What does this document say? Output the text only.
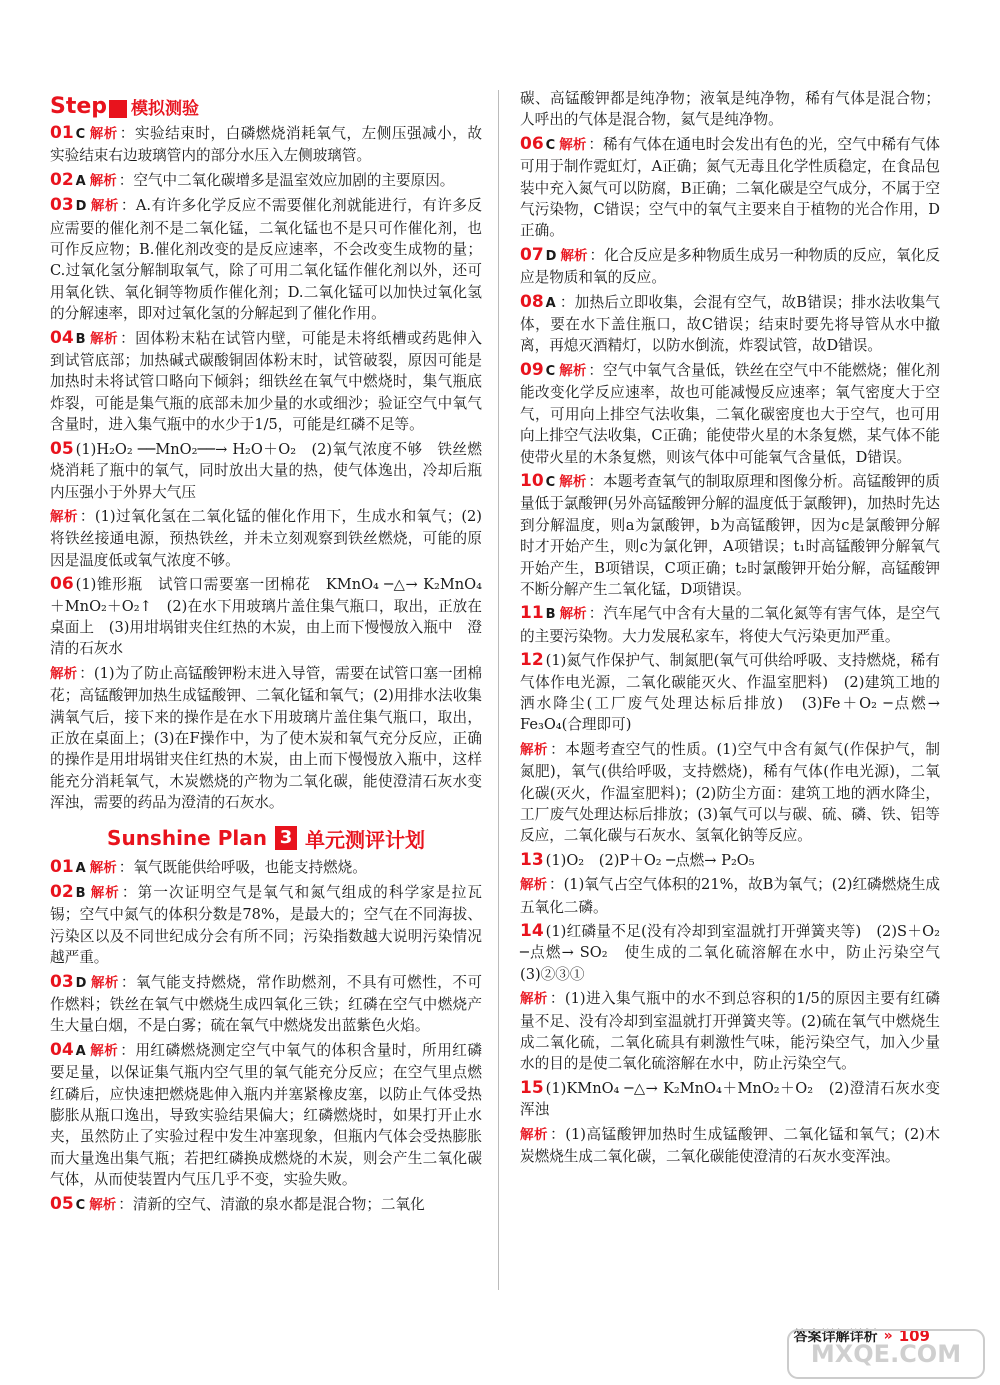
Step 模拟测验
01 C 解析 ：实验结束时，白磷燃烧消耗氧气，左侧压强减小，故实验结束右边玻璃管内的部分水压入左侧玻璃管。
02 A 解析 ：空气中二氧化碳增多是温室效应加剧的主要原因。
03 D 解析 ：A.有许多化学反应不需要催化剂就能进行，有许多反应需要的催化剂不是二氧化锰，二氧化锰也不是只可作催化剂，也可作反应物；B.催化剂改变的是反应速率，不会改变生成物的量；C.过氧化氢分解制取氧气，除了可用二氧化锰作催化剂以外，还可用氧化铁、氧化铜等物质作催化剂；D.二氧化锰可以加快过氧化氢的分解速率，即对过氧化氢的分解起到了催化作用。
04 B 解析 ：固体粉末粘在试管内壁，可能是未将纸槽或药匙伸入到试管底部；加热碱式碳酸铜固体粉末时，试管破裂，原因可能是加热时未将试管口略向下倾斜；细铁丝在氧气中燃烧时，集气瓶底炸裂，可能是集气瓶的底部未加少量的水或细沙；验证空气中氧气含量时，进入集气瓶中的水少于1/5，可能是红磷不足等。
05 (1)H₂O₂ ──MnO₂──→ H₂O＋O₂　(2)氧气浓度不够　铁丝燃烧消耗了瓶中的氧气，同时放出大量的热，使气体逸出，冷却后瓶内压强小于外界大气压
解析 ：(1)过氧化氢在二氧化锰的催化作用下，生成水和氧气；(2)将铁丝接通电源，预热铁丝，并未立刻观察到铁丝燃烧，可能的原因是温度低或氧气浓度不够。
06 (1)锥形瓶　试管口需要塞一团棉花　KMnO₄ ─△→ K₂MnO₄＋MnO₂＋O₂↑　(2)在水下用玻璃片盖住集气瓶口，取出，正放在桌面上　(3)用坩埚钳夹住红热的木炭，由上而下慢慢放入瓶中　澄清的石灰水
解析 ：(1)为了防止高锰酸钾粉末进入导管，需要在试管口塞一团棉花；高锰酸钾加热生成锰酸钾、二氧化锰和氧气；(2)用排水法收集满氧气后，接下来的操作是在水下用玻璃片盖住集气瓶口，取出，正放在桌面上；(3)在F操作中，为了使木炭和氧气充分反应，正确的操作是用坩埚钳夹住红热的木炭，由上而下慢慢放入瓶中，这样能充分消耗氧气，木炭燃烧的产物为二氧化碳，能使澄清石灰水变浑浊，需要的药品为澄清的石灰水。
Sunshine Plan 3 单元测评计划
01 A 解析 ：氧气既能供给呼吸，也能支持燃烧。
02 B 解析 ：第一次证明空气是氧气和氮气组成的科学家是拉瓦锡；空气中氮气的体积分数是78%，是最大的；空气在不同海拔、污染区以及不同世纪成分会有所不同；污染指数越大说明污染情况越严重。
03 D 解析 ：氧气能支持燃烧，常作助燃剂，不具有可燃性，不可作燃料；铁丝在氧气中燃烧生成四氧化三铁；红磷在空气中燃烧产生大量白烟，不是白雾；硫在氧气中燃烧发出蓝紫色火焰。
04 A 解析 ：用红磷燃烧测定空气中氧气的体积含量时，所用红磷要足量，以保证集气瓶内空气里的氧气能充分反应；在空气里点燃红磷后，应快速把燃烧匙伸入瓶内并塞紧橡皮塞，以防止气体受热膨胀从瓶口逸出，导致实验结果偏大；红磷燃烧时，如果打开止水夹，虽然防止了实验过程中发生冲塞现象，但瓶内气体会受热膨胀而大量逸出集气瓶；若把红磷换成燃烧的木炭，则会产生二氧化碳气体，从而使装置内气压几乎不变，实验失败。
05 C 解析 ：清新的空气、清澈的泉水都是混合物；二氧化
碳、高锰酸钾都是纯净物；液氧是纯净物，稀有气体是混合物；人呼出的气体是混合物，氦气是纯净物。
06 C 解析 ：稀有气体在通电时会发出有色的光，空气中稀有气体可用于制作霓虹灯，A正确；氮气无毒且化学性质稳定，在食品包装中充入氮气可以防腐，B正确；二氧化碳是空气成分，不属于空气污染物，C错误；空气中的氧气主要来自于植物的光合作用，D正确。
07 D 解析 ：化合反应是多种物质生成另一种物质的反应，氧化反应是物质和氧的反应。
08 A ：加热后立即收集，会混有空气，故B错误；排水法收集气体，要在水下盖住瓶口，故C错误；结束时要先将导管从水中撤离，再熄灭酒精灯，以防水倒流，炸裂试管，故D错误。
09 C 解析 ：空气中氧气含量低，铁丝在空气中不能燃烧；催化剂能改变化学反应速率，故也可能减慢反应速率；氧气密度大于空气，可用向上排空气法收集，二氧化碳密度也大于空气，也可用向上排空气法收集，C正确；能使带火星的木条复燃，某气体不能使带火星的木条复燃，则该气体中可能氧气含量低，D错误。
10 C 解析 ：本题考查氧气的制取原理和图像分析。高锰酸钾的质量低于氯酸钾(另外高锰酸钾分解的温度低于氯酸钾)，加热时先达到分解温度，则a为氯酸钾，b为高锰酸钾，因为c是氯酸钾分解时才开始产生，则c为氯化钾，A项错误；t₁时高锰酸钾分解氧气开始产生，B项错误，C项正确；t₂时氯酸钾开始分解，高锰酸钾不断分解产生二氧化锰，D项错误。
11 B 解析 ：汽车尾气中含有大量的二氧化氮等有害气体，是空气的主要污染物。大力发展私家车，将使大气污染更加严重。
12 (1)氮气作保护气、制氮肥(氧气可供给呼吸、支持燃烧，稀有气体作电光源，二氧化碳能灭火、作温室肥料)　(2)建筑工地的洒水降尘(工厂废气处理达标后排放)　(3)Fe＋O₂ ─点燃→ Fe₃O₄(合理即可)
解析 ：本题考查空气的性质。(1)空气中含有氮气(作保护气，制氮肥)，氧气(供给呼吸，支持燃烧)，稀有气体(作电光源)，二氧化碳(灭火，作温室肥料)；(2)防尘方面：建筑工地的洒水降尘，工厂废气处理达标后排放；(3)氧气可以与碳、硫、磷、铁、铝等反应，二氧化碳与石灰水、氢氧化钠等反应。
13 (1)O₂　(2)P＋O₂ ─点燃→ P₂O₅
解析 ：(1)氧气占空气体积的21%，故B为氧气；(2)红磷燃烧生成五氧化二磷。
14 (1)红磷量不足(没有冷却到室温就打开弹簧夹等)　(2)S＋O₂ ─点燃→ SO₂　使生成的二氧化硫溶解在水中，防止污染空气　(3)②③①
解析 ：(1)进入集气瓶中的水不到总容积的1/5的原因主要有红磷量不足、没有冷却到室温就打开弹簧夹等。(2)硫在氧气中燃烧生成二氧化硫，二氧化硫具有刺激性气味，能污染空气，加入少量水的目的是使二氧化硫溶解在水中，防止污染空气。
15 (1)KMnO₄ ─△→ K₂MnO₄＋MnO₂＋O₂　(2)澄清石灰水变浑浊
解析 ：(1)高锰酸钾加热时生成锰酸钾、二氧化锰和氧气；(2)木炭燃烧生成二氧化碳，二氧化碳能使澄清的石灰水变浑浊。
答案详解详析 » 109
MXQE.COM
